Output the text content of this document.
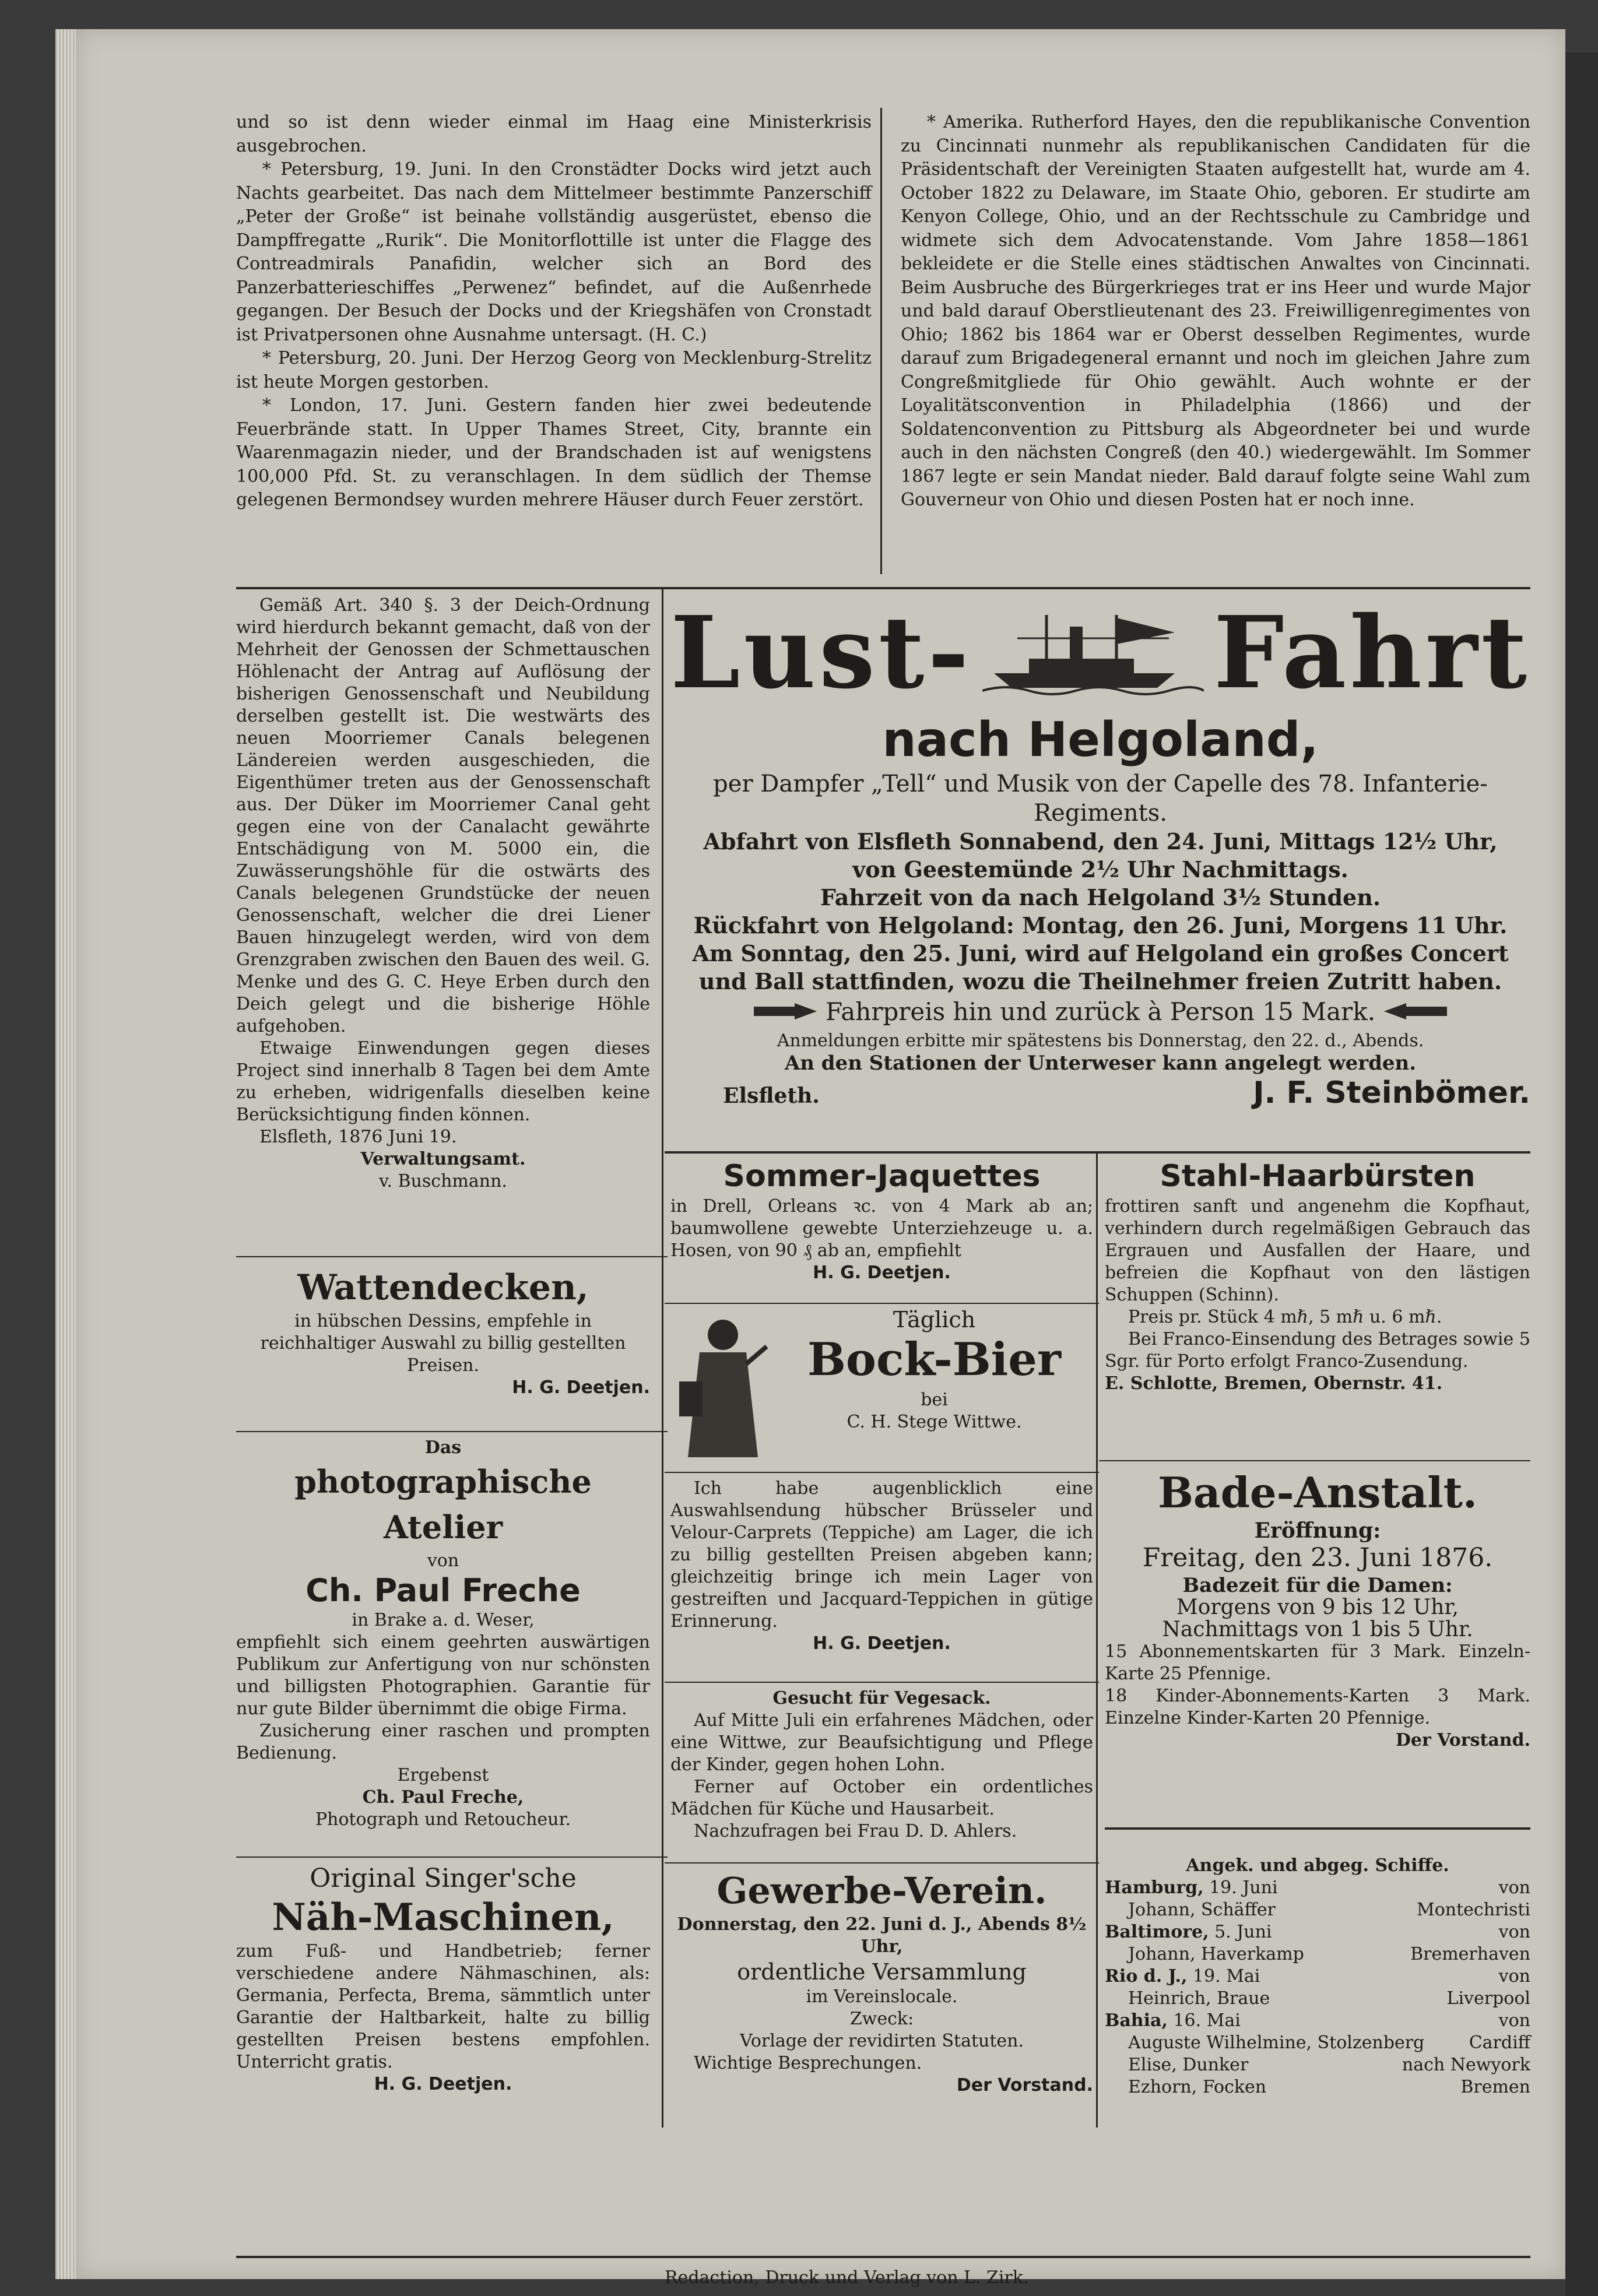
und so ist denn wieder einmal im Haag eine Ministerkrisis ausgebrochen.

* Petersburg, 19. Juni. In den Cronstädter Docks wird jetzt auch Nachts gearbeitet. Das nach dem Mittelmeer bestimmte Panzerschiff „Peter der Große“ ist beinahe vollständig ausgerüstet, ebenso die Dampffregatte „Rurik“. Die Monitorflottille ist unter die Flagge des Contreadmirals Panafidin, welcher sich an Bord des Panzerbatterieschiffes „Perwenez“ befindet, auf die Außenrhede gegangen. Der Besuch der Docks und der Kriegshäfen von Cronstadt ist Privatpersonen ohne Ausnahme untersagt. (H. C.)

* Petersburg, 20. Juni. Der Herzog Georg von Mecklenburg-Strelitz ist heute Morgen gestorben.

* London, 17. Juni. Gestern fanden hier zwei bedeutende Feuerbrände statt. In Upper Thames Street, City, brannte ein Waarenmagazin nieder, und der Brandschaden ist auf wenigstens 100,000 Pfd. St. zu veranschlagen. In dem südlich der Themse gelegenen Bermondsey wurden mehrere Häuser durch Feuer zerstört.

* Amerika. Rutherford Hayes, den die republikanische Convention zu Cincinnati nunmehr als republikanischen Candidaten für die Präsidentschaft der Vereinigten Staaten aufgestellt hat, wurde am 4. October 1822 zu Delaware, im Staate Ohio, geboren. Er studirte am Kenyon College, Ohio, und an der Rechtsschule zu Cambridge und widmete sich dem Advocatenstande. Vom Jahre 1858—1861 bekleidete er die Stelle eines städtischen Anwaltes von Cincinnati. Beim Ausbruche des Bürgerkrieges trat er ins Heer und wurde Major und bald darauf Oberstlieutenant des 23. Freiwilligenregimentes von Ohio; 1862 bis 1864 war er Oberst desselben Regimentes, wurde darauf zum Brigadegeneral ernannt und noch im gleichen Jahre zum Congreßmitgliede für Ohio gewählt. Auch wohnte er der Loyalitätsconvention in Philadelphia (1866) und der Soldatenconvention zu Pittsburg als Abgeordneter bei und wurde auch in den nächsten Congreß (den 40.) wiedergewählt. Im Sommer 1867 legte er sein Mandat nieder. Bald darauf folgte seine Wahl zum Gouverneur von Ohio und diesen Posten hat er noch inne.

Gemäß Art. 340 §. 3 der Deich-Ordnung wird hierdurch bekannt gemacht, daß von der Mehrheit der Genossen der Schmettauschen Höhlenacht der Antrag auf Auflösung der bisherigen Genossenschaft und Neubildung derselben gestellt ist. Die westwärts des neuen Moorriemer Canals belegenen Ländereien werden ausgeschieden, die Eigenthümer treten aus der Genossenschaft aus. Der Düker im Moorriemer Canal geht gegen eine von der Canalacht gewährte Entschädigung von M. 5000 ein, die Zuwässerungshöhle für die ostwärts des Canals belegenen Grundstücke der neuen Genossenschaft, welcher die drei Liener Bauen hinzugelegt werden, wird von dem Grenzgraben zwischen den Bauen des weil. G. Menke und des G. C. Heye Erben durch den Deich gelegt und die bisherige Höhle aufgehoben.

Etwaige Einwendungen gegen dieses Project sind innerhalb 8 Tagen bei dem Amte zu erheben, widrigenfalls dieselben keine Berücksichtigung finden können.

Elsfleth, 1876 Juni 19.

Verwaltungsamt.

v. Buschmann.

Wattendecken,

in hübschen Dessins, empfehle in reichhaltiger Auswahl zu billig gestellten Preisen.

H. G. Deetjen.

Das

photographische Atelier

von

Ch. Paul Freche

in Brake a. d. Weser,

empfiehlt sich einem geehrten auswärtigen Publikum zur Anfertigung von nur schönsten und billigsten Photographien. Garantie für nur gute Bilder übernimmt die obige Firma.

Zusicherung einer raschen und prompten Bedienung.

Ergebenst

Ch. Paul Freche,

Photograph und Retoucheur.

Original Singer'sche

Näh-Maschinen,

zum Fuß- und Handbetrieb; ferner verschiedene andere Nähmaschinen, als: Germania, Perfecta, Brema, sämmtlich unter Garantie der Haltbarkeit, halte zu billig gestellten Preisen bestens empfohlen. Unterricht gratis.

H. G. Deetjen.

Lust- Fahrt
nach Helgoland,

per Dampfer „Tell“ und Musik von der Capelle des 78. Infanterie-Regiments.

Abfahrt von Elsfleth Sonnabend, den 24. Juni, Mittags 12½ Uhr,

von Geestemünde 2½ Uhr Nachmittags.

Fahrzeit von da nach Helgoland 3½ Stunden.

Rückfahrt von Helgoland: Montag, den 26. Juni, Morgens 11 Uhr.

Am Sonntag, den 25. Juni, wird auf Helgoland ein großes Concert und Ball stattfinden, wozu die Theilnehmer freien Zutritt haben.

Fahrpreis hin und zurück à Person 15 Mark.

Anmeldungen erbitte mir spätestens bis Donnerstag, den 22. d., Abends.

An den Stationen der Unterweser kann angelegt werden.

Elsfleth.	J. F. Steinbömer.
Sommer-Jaquettes

in Drell, Orleans ꝛc. von 4 Mark ab an; baumwollene gewebte Unterziehzeuge u. a. Hosen, von 90 ₰ ab an, empfiehlt

H. G. Deetjen.

Täglich

Bock-Bier

bei

C. H. Stege Wittwe.

Ich habe augenblicklich eine Auswahlsendung hübscher Brüsseler und Velour-Carprets (Teppiche) am Lager, die ich zu billig gestellten Preisen abgeben kann; gleichzeitig bringe ich mein Lager von gestreiften und Jacquard-Teppichen in gütige Erinnerung.

H. G. Deetjen.

Gesucht für Vegesack.

Auf Mitte Juli ein erfahrenes Mädchen, oder eine Wittwe, zur Beaufsichtigung und Pflege der Kinder, gegen hohen Lohn.

Ferner auf October ein ordentliches Mädchen für Küche und Hausarbeit.

Nachzufragen bei Frau D. D. Ahlers.

Gewerbe-Verein.

Donnerstag, den 22. Juni d. J., Abends 8½ Uhr,

ordentliche Versammlung

im Vereinslocale.

Zweck:

Vorlage der revidirten Statuten.

Wichtige Besprechungen.

Der Vorstand.

Stahl-Haarbürsten

frottiren sanft und angenehm die Kopfhaut, verhindern durch regelmäßigen Gebrauch das Ergrauen und Ausfallen der Haare, und befreien die Kopfhaut von den lästigen Schuppen (Schinn).

Preis pr. Stück 4 mℏ, 5 mℏ u. 6 mℏ.

Bei Franco-Einsendung des Betrages sowie 5 Sgr. für Porto erfolgt Franco-Zusendung.

E. Schlotte, Bremen, Obernstr. 41.

Bade-Anstalt.

Eröffnung:

Freitag, den 23. Juni 1876.

Badezeit für die Damen:

Morgens von 9 bis 12 Uhr,

Nachmittags von 1 bis 5 Uhr.

15 Abonnementskarten für 3 Mark. Einzeln-Karte 25 Pfennige.

18 Kinder-Abonnements-Karten 3 Mark. Einzelne Kinder-Karten 20 Pfennige.

Der Vorstand.

Angek. und abgeg. Schiffe.

Hamburg, 19. Juni	von
Johann, Schäffer	Montechristi
Baltimore, 5. Juni	von
Johann, Haverkamp	Bremerhaven
Rio d. J., 19. Mai	von
Heinrich, Braue	Liverpool
Bahia, 16. Mai	von
Auguste Wilhelmine, Stolzenberg	Cardiff
Elise, Dunker	nach Newyork
Ezhorn, Focken	Bremen
Redaction, Druck und Verlag von L. Zirk.
